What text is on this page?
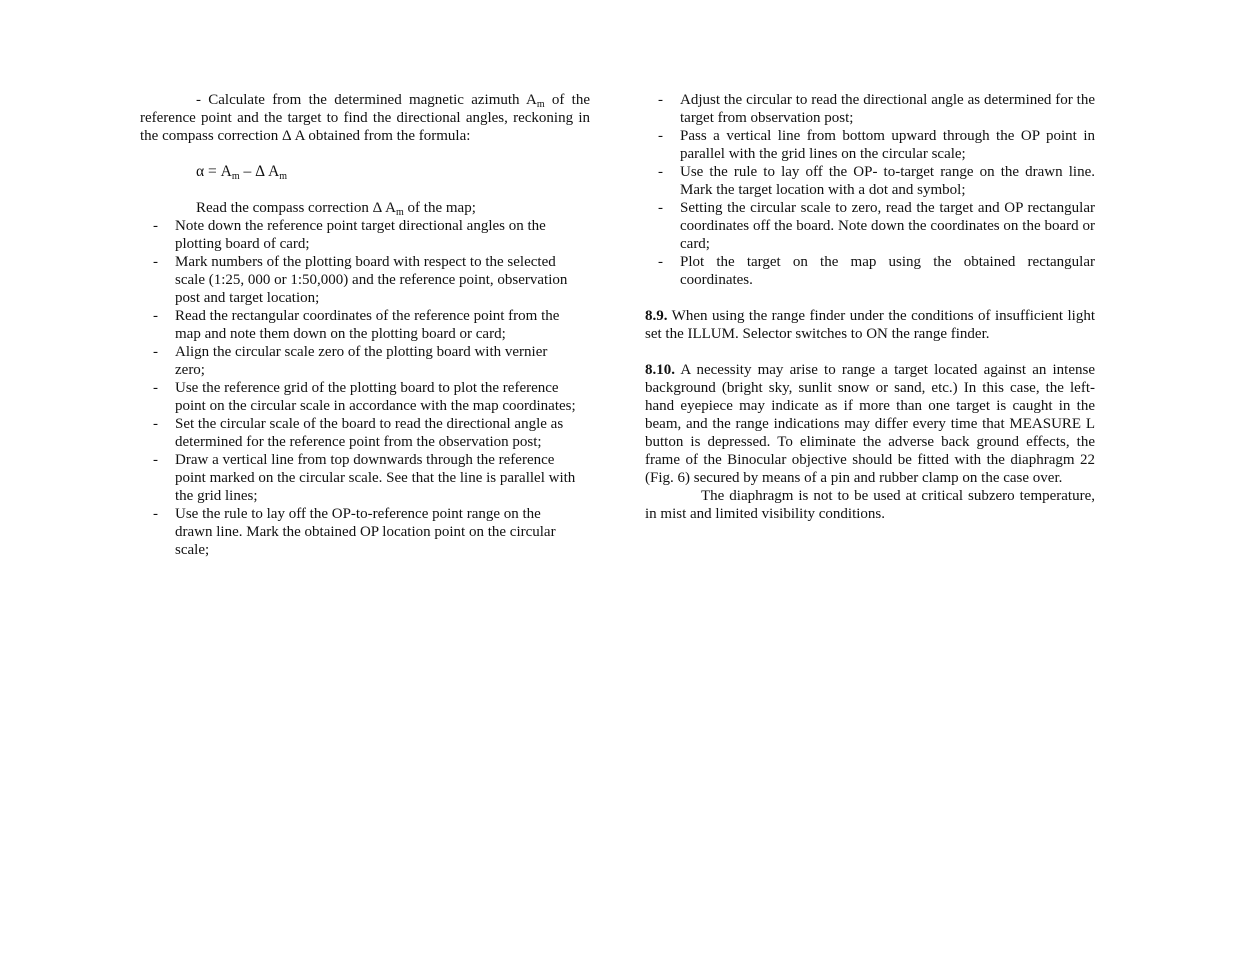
- Calculate from the determined magnetic azimuth $A_m$ of the reference point and the target to find the directional angles, reckoning in the compass correction Δ A obtained from the formula:

$\alpha = A_m - \Delta$ $A_m$

Read the compass correction Δ $A_m$ of the map;

- Note down the reference point target directional angles on the plotting board of card;
- Mark numbers of the plotting board with respect to the selected scale (1:25, 000 or 1:50,000) and the reference point, observation post and target location;
- Read the rectangular coordinates of the reference point from the map and note them down on the plotting board or card;
- Align the circular scale zero of the plotting board with vernier zero;
- Use the reference grid of the plotting board to plot the reference point on the circular scale in accordance with the map coordinates;
- Set the circular scale of the board to read the directional angle as determined for the reference point from the observation post;
- Draw a vertical line from top downwards through the reference point marked on the circular scale. See that the line is parallel with the grid lines;
- Use the rule to lay off the OP-to-reference point range on the drawn line. Mark the obtained OP location point on the circular scale;
- Adjust the circular to read the directional angle as determined for the target from observation post;
- Pass a vertical line from bottom upward through the OP point in parallel with the grid lines on the circular scale;
- Use the rule to lay off the OP- to-target range on the drawn line. Mark the target location with a dot and symbol;
- Setting the circular scale to zero, read the target and OP rectangular coordinates off the board. Note down the coordinates on the board or card;
- Plot the target on the map using the obtained rectangular coordinates.

8.9. When using the range finder under the conditions of insufficient light set the ILLUM. Selector switches to ON the range finder.

8.10. A necessity may arise to range a target located against an intense background (bright sky, sunlit snow or sand, etc.) In this case, the left-hand eyepiece may indicate as if more than one target is caught in the beam, and the range indications may differ every time that MEASURE L button is depressed. To eliminate the adverse back ground effects, the frame of the Binocular objective should be fitted with the diaphragm 22 (Fig. 6) secured by means of a pin and rubber clamp on the case over.

The diaphragm is not to be used at critical subzero temperature, in mist and limited visibility conditions.
